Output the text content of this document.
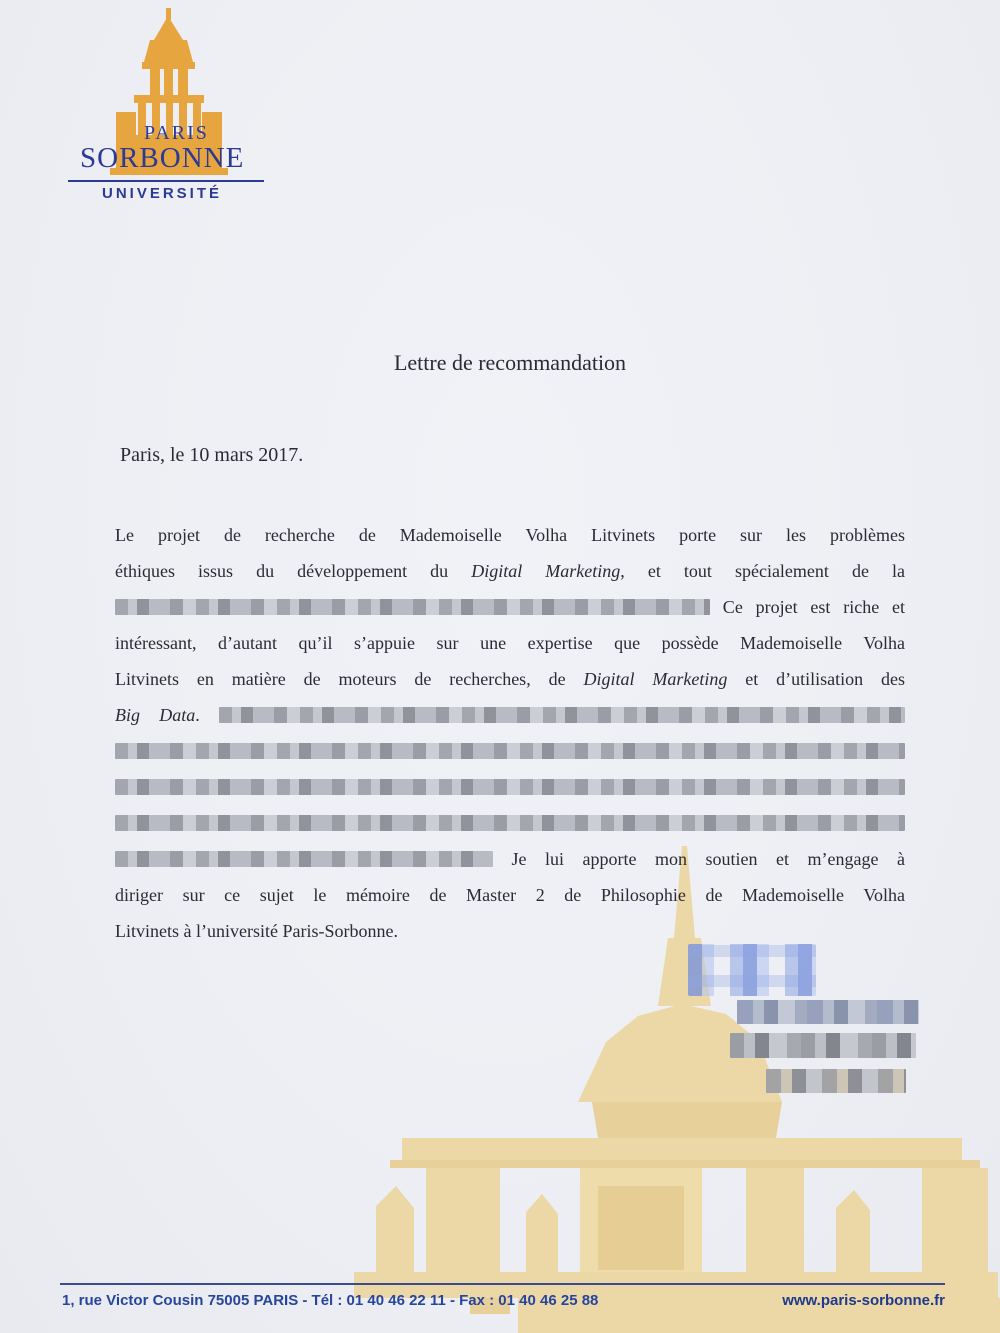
PARIS
SORBONNE
UNIVERSITÉ
Lettre de recommandation
Paris, le 10 mars 2017.
Le projet de recherche de Mademoiselle Volha Litvinets porte sur les problèmes
éthiques issus du développement du Digital Marketing, et tout spécialement de la
Ce projet est riche et
intéressant, d’autant qu’il s’appuie sur une expertise que possède Mademoiselle Volha
Litvinets en matière de moteurs de recherches, de Digital Marketing et d’utilisation des
Big Data.
Je lui apporte mon soutien et m’engage à
diriger sur ce sujet le mémoire de Master 2 de Philosophie de Mademoiselle Volha
Litvinets à l’université Paris-Sorbonne.
1, rue Victor Cousin 75005 PARIS - Tél : 01 40 46 22 11 - Fax : 01 40 46 25 88	www.paris-sorbonne.fr
